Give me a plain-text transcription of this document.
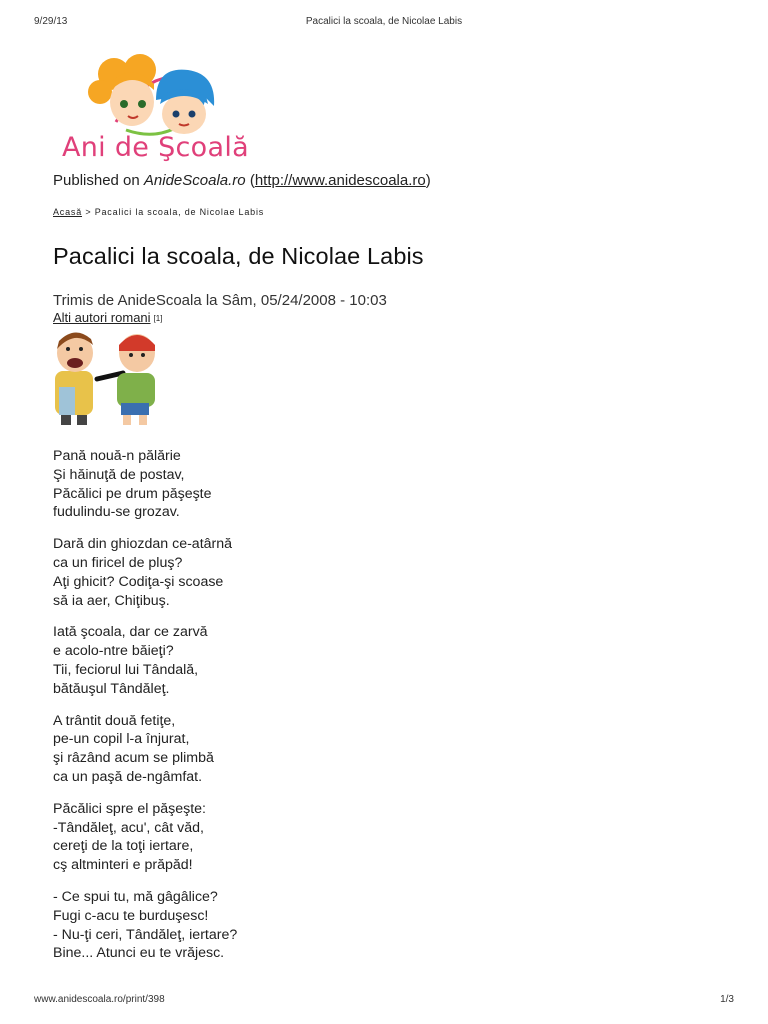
9/29/13	Pacalici la scoala, de Nicolae Labis
Ani de Şcoală
Published on AnideScoala.ro (http://www.anidescoala.ro)
Acasă > Pacalici la scoala, de Nicolae Labis
Pacalici la scoala, de Nicolae Labis
Trimis de AnideScoala la Sâm, 05/24/2008 - 10:03
Alti autori romani [1]
Pană nouă-n pălărie
Şi hăinuţă de postav,
Păcălici pe drum păşeşte
fudulindu-se grozav.
Dară din ghiozdan ce-atârnă
ca un firicel de pluş?
Aţi ghicit? Codiţa-şi scoase
să ia aer, Chiţibuş.
Iată şcoala, dar ce zarvă
e acolo-ntre băieţi?
Tii, feciorul lui Tândală,
bătăuşul Tândăleţ.
A trântit două fetiţe,
pe-un copil l-a înjurat,
şi râzând acum se plimbă
ca un paşă de-ngâmfat.
Păcălici spre el păşeşte:
-Tândăleţ, acu', cât văd,
cereţi de la toţi iertare,
cş altminteri e prăpăd!
- Ce spui tu, mă gâgâlice?
Fugi c-acu te burduşesc!
- Nu-ţi ceri, Tândăleţ, iertare?
Bine... Atunci eu te vrăjesc.
www.anidescoala.ro/print/398	1/3
